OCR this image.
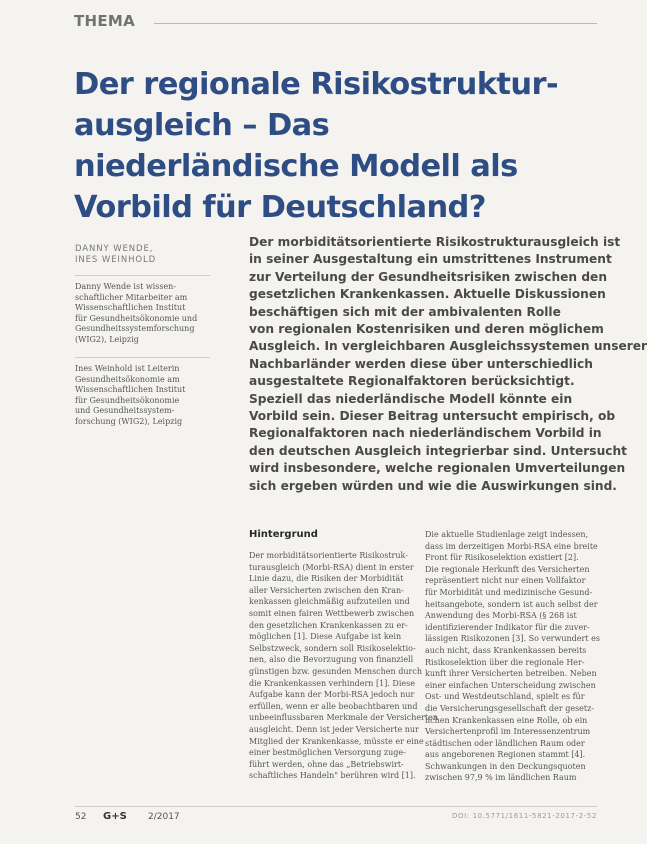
THEMA
Der regionale Risikostruktur-ausgleich – Das niederländische Modell als Vorbild für Deutschland?
DANNY WENDE,
INES WEINHOLD
Danny Wende ist wissen-
schaftlicher Mitarbeiter am
Wissenschaftlichen Institut
für Gesundheitsökonomie und
Gesundheitssystemforschung
(WIG2), Leipzig
Ines Weinhold ist Leiterin
Gesundheitsökonomie am
Wissenschaftlichen Institut
für Gesundheitsökonomie
und Gesundheitssystem-
forschung (WIG2), Leipzig
Der morbiditätsorientierte Risikostrukturausgleich ist
in seiner Ausgestaltung ein umstrittenes Instrument
zur Verteilung der Gesundheitsrisiken zwischen den
gesetzlichen Krankenkassen. Aktuelle Diskussionen
beschäftigen sich mit der ambivalenten Rolle
von regionalen Kostenrisiken und deren möglichem
Ausgleich. In vergleichbaren Ausgleichssystemen unserer
Nachbarländer werden diese über unterschiedlich
ausgestaltete Regionalfaktoren berücksichtigt.
Speziell das niederländische Modell könnte ein
Vorbild sein. Dieser Beitrag untersucht empirisch, ob
Regionalfaktoren nach niederländischem Vorbild in
den deutschen Ausgleich integrierbar sind. Untersucht
wird insbesondere, welche regionalen Umverteilungen
sich ergeben würden und wie die Auswirkungen sind.
Hintergrund
Der morbiditätsorientierte Risikostruk-
turausgleich (Morbi-RSA) dient in erster
Linie dazu, die Risiken der Morbidität
aller Versicherten zwischen den Kran-
kenkassen gleichmäßig aufzuteilen und
somit einen fairen Wettbewerb zwischen
den gesetzlichen Krankenkassen zu er-
möglichen [1]. Diese Aufgabe ist kein
Selbstzweck, sondern soll Risikoselektio-
nen, also die Bevorzugung von finanziell
günstigen bzw. gesunden Menschen durch
die Krankenkassen verhindern [1]. Diese
Aufgabe kann der Morbi-RSA jedoch nur
erfüllen, wenn er alle beobachtbaren und
unbeeinflussbaren Merkmale der Versicherten
ausgleicht. Denn ist jeder Versicherte nur
Mitglied der Krankenkasse, müsste er eine
einer bestmöglichen Versorgung zuge-
führt werden, ohne das „Betriebswirt-
schaftliches Handeln" berühren wird [1].
Die aktuelle Studienlage zeigt indessen,
dass im derzeitigen Morbi-RSA eine breite
Front für Risikoselektion existiert [2].
Die regionale Herkunft des Versicherten
repräsentiert nicht nur einen Vollfaktor
für Morbidität und medizinische Gesund-
heitsangebote, sondern ist auch selbst der
Anwendung des Morbi-RSA (§ 268 ist
identifizierender Indikator für die zuver-
lässigen Risikozonen [3]. So verwundert es
auch nicht, dass Krankenkassen bereits
Risikoselektion über die regionale Her-
kunft ihrer Versicherten betreiben. Neben
einer einfachen Unterscheidung zwischen
Ost- und Westdeutschland, spielt es für
die Versicherungsgesellschaft der gesetz-
lichen Krankenkassen eine Rolle, ob ein
Versichertenprofil im Interessenzentrum
städtischen oder ländlichen Raum oder
aus angeborenen Regionen stammt [4].
Schwankungen in den Deckungsquoten
zwischen 97,9 % im ländlichen Raum
52 G+S 2/2017	DOI: 10.5771/1611-5821-2017-2-52
